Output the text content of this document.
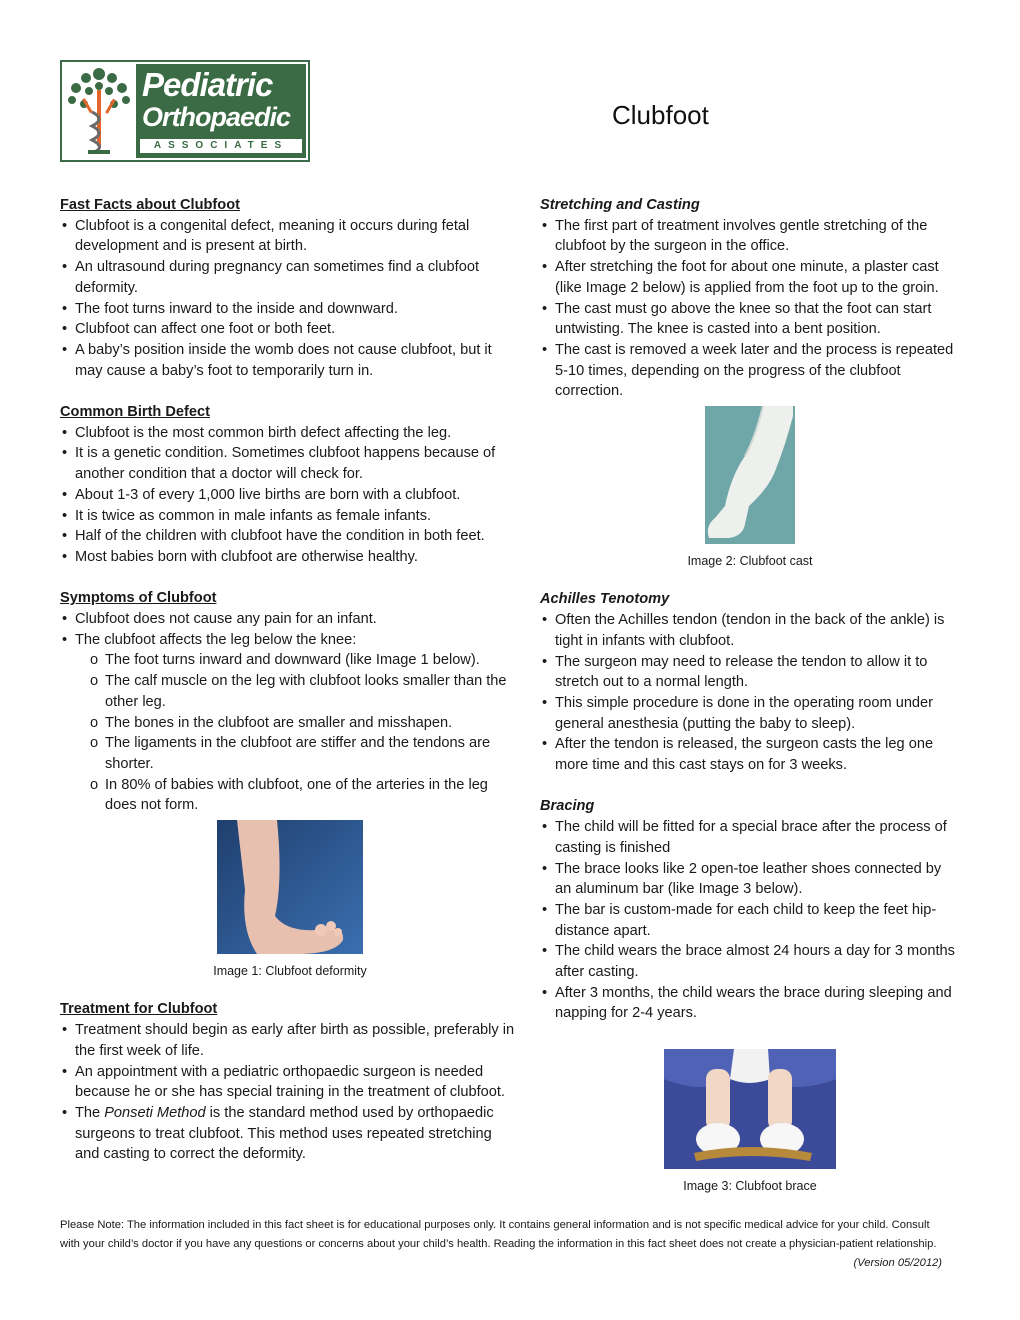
Pediatric
Orthopaedic
ASSOCIATES
Clubfoot

Fast Facts about Clubfoot

• Clubfoot is a congenital defect, meaning it occurs during fetal development and is present at birth.
• An ultrasound during pregnancy can sometimes find a clubfoot deformity.
• The foot turns inward to the inside and downward.
• Clubfoot can affect one foot or both feet.
• A baby’s position inside the womb does not cause clubfoot, but it may cause a baby’s foot to temporarily turn in.

Common Birth Defect

• Clubfoot is the most common birth defect affecting the leg.
• It is a genetic condition. Sometimes clubfoot happens because of another condition that a doctor will check for.
• About 1-3 of every 1,000 live births are born with a clubfoot.
• It is twice as common in male infants as female infants.
• Half of the children with clubfoot have the condition in both feet.
• Most babies born with clubfoot are otherwise healthy.

Symptoms of Clubfoot

• Clubfoot does not cause any pain for an infant.
• The clubfoot affects the leg below the knee:
o The foot turns inward and downward (like Image 1 below).
o The calf muscle on the leg with clubfoot looks smaller than the other leg.
o The bones in the clubfoot are smaller and misshapen.
o The ligaments in the clubfoot are stiffer and the tendons are shorter.
o In 80% of babies with clubfoot, one of the arteries in the leg does not form.
Image 1: Clubfoot deformity

Treatment for Clubfoot

• Treatment should begin as early after birth as possible, preferably in the first week of life.
• An appointment with a pediatric orthopaedic surgeon is needed because he or she has special training in the treatment of clubfoot.
• The Ponseti Method is the standard method used by orthopaedic surgeons to treat clubfoot. This method uses repeated stretching and casting to correct the deformity.

Stretching and Casting

• The first part of treatment involves gentle stretching of the clubfoot by the surgeon in the office.
• After stretching the foot for about one minute, a plaster cast (like Image 2 below) is applied from the foot up to the groin.
• The cast must go above the knee so that the foot can start untwisting. The knee is casted into a bent position.
• The cast is removed a week later and the process is repeated 5-10 times, depending on the progress of the clubfoot correction.
Image 2: Clubfoot cast

Achilles Tenotomy

• Often the Achilles tendon (tendon in the back of the ankle) is tight in infants with clubfoot.
• The surgeon may need to release the tendon to allow it to stretch out to a normal length.
• This simple procedure is done in the operating room under general anesthesia (putting the baby to sleep).
• After the tendon is released, the surgeon casts the leg one more time and this cast stays on for 3 weeks.

Bracing

• The child will be fitted for a special brace after the process of casting is finished
• The brace looks like 2 open-toe leather shoes connected by an aluminum bar (like Image 3 below).
• The bar is custom-made for each child to keep the feet hip-distance apart.
• The child wears the brace almost 24 hours a day for 3 months after casting.
• After 3 months, the child wears the brace during sleeping and napping for 2-4 years.
Image 3: Clubfoot brace
Please Note: The information included in this fact sheet is for educational purposes only. It contains general information and is not specific medical advice for your child. Consult with your child’s doctor if you have any questions or concerns about your child’s health. Reading the information in this fact sheet does not create a physician-patient relationship.
(Version 05/2012)
